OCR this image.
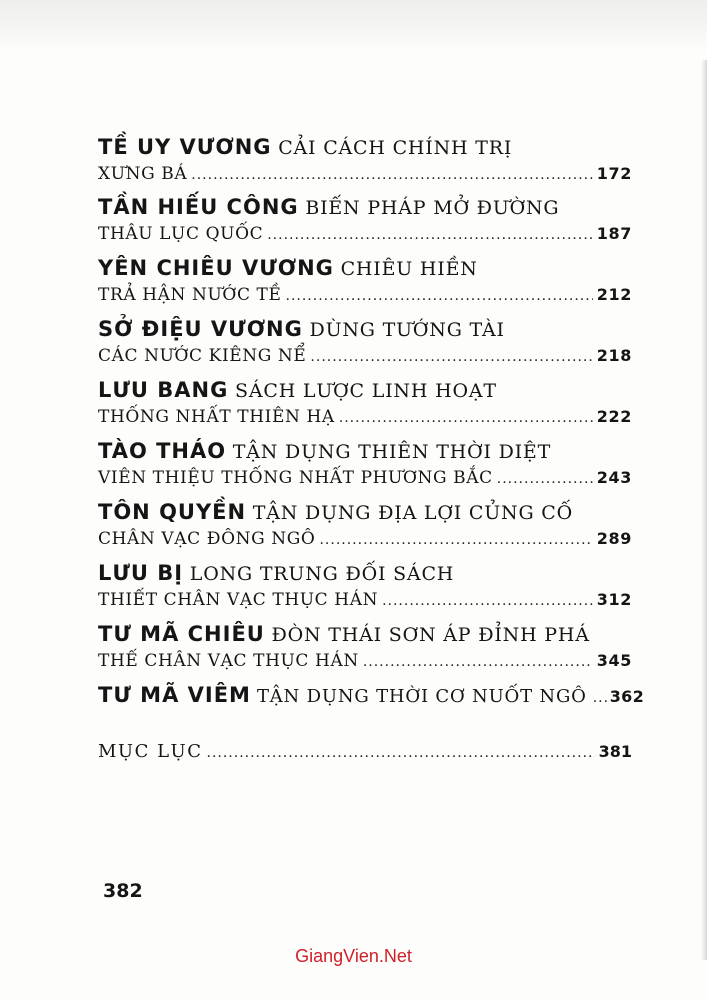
TỀ UY VƯƠNG CẢI CÁCH CHÍNH TRỊ
XƯNG BÁ .....	172
TẦN HIẾU CÔNG BIẾN PHÁP MỞ ĐƯỜNG
THÂU LỤC QUỐC .....	187
YÊN CHIÊU VƯƠNG CHIÊU HIỀN
TRẢ HẬN NƯỚC TỀ .....	212
SỞ ĐIỆU VƯƠNG DÙNG TƯỚNG TÀI
CÁC NƯỚC KIÊNG NỂ .....	218
LƯU BANG SÁCH LƯỢC LINH HOẠT
THỐNG NHẤT THIÊN HẠ .....	222
TÀO THÁO TẬN DỤNG THIÊN THỜI DIỆT
VIÊN THIỆU THỐNG NHẤT PHƯƠNG BẮC .....	243
TÔN QUYỀN TẬN DỤNG ĐỊA LỢI CỦNG CỐ
CHÂN VẠC ĐÔNG NGÔ .....	289
LƯU BỊ LONG TRUNG ĐỐI SÁCH
THIẾT CHÂN VẠC THỤC HÁN .....	312
TƯ MÃ CHIÊU ĐÒN THÁI SƠN ÁP ĐỈNH PHÁ
THẾ CHÂN VẠC THỤC HÁN .....	345
TƯ MÃ VIÊM TẬN DỤNG THỜI CƠ NUỐT NGÔ ..... 362
MỤC LỤC .....	381
382
GiangVien.Net
